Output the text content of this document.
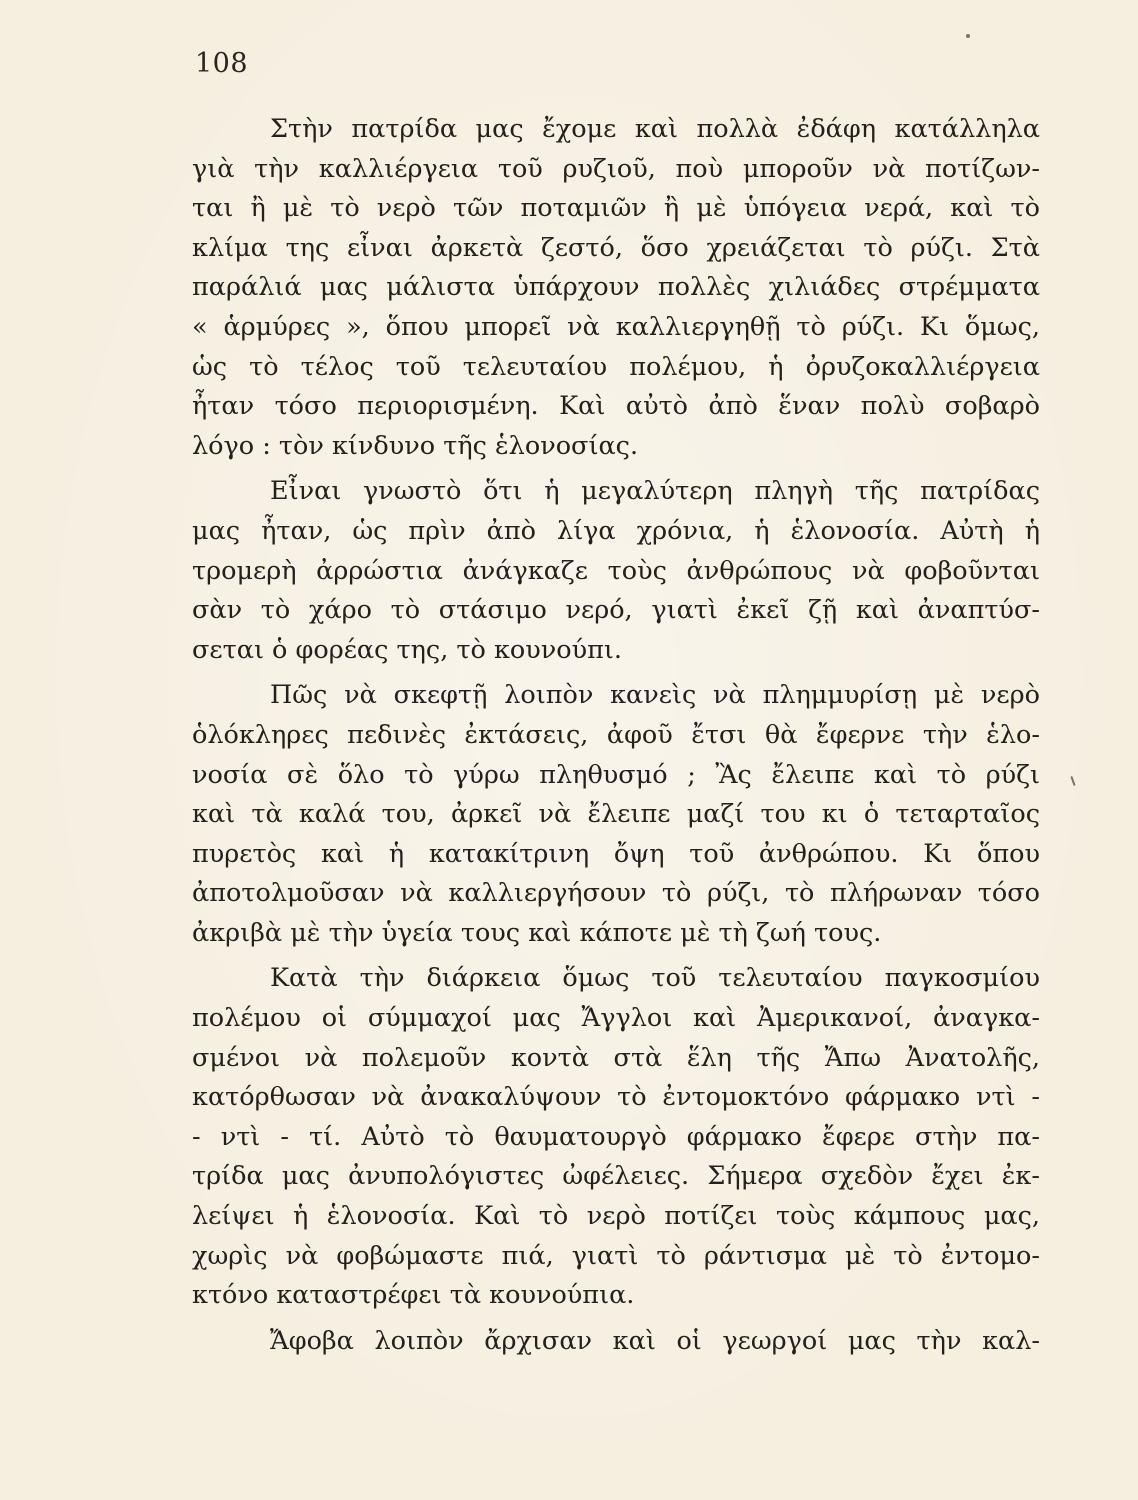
108
Στὴν πατρίδα μας ἔχομε καὶ πολλὰ ἐδάφη κατάλληλα
γιὰ τὴν καλλιέργεια τοῦ ρυζιοῦ, ποὺ μποροῦν νὰ ποτίζων-
ται ἢ μὲ τὸ νερὸ τῶν ποταμιῶν ἢ μὲ ὑπόγεια νερά, καὶ τὸ
κλίμα της εἶναι ἀρκετὰ ζεστό, ὅσο χρειάζεται τὸ ρύζι. Στὰ
παράλιά μας μάλιστα ὑπάρχουν πολλὲς χιλιάδες στρέμματα
« ἁρμύρες », ὅπου μπορεῖ νὰ καλλιεργηθῇ τὸ ρύζι. Κι ὅμως,
ὡς τὸ τέλος τοῦ τελευταίου πολέμου, ἡ ὀρυζοκαλλιέργεια
ἦταν τόσο περιορισμένη. Καὶ αὐτὸ ἀπὸ ἕναν πολὺ σοβαρὸ
λόγο : τὸν κίνδυνο τῆς ἑλονοσίας.
Εἶναι γνωστὸ ὅτι ἡ μεγαλύτερη πληγὴ τῆς πατρίδας
μας ἦταν, ὡς πρὶν ἀπὸ λίγα χρόνια, ἡ ἑλονοσία. Αὐτὴ ἡ
τρομερὴ ἀρρώστια ἀνάγκαζε τοὺς ἀνθρώπους νὰ φοβοῦνται
σὰν τὸ χάρο τὸ στάσιμο νερό, γιατὶ ἐκεῖ ζῇ καὶ ἀναπτύσ-
σεται ὁ φορέας της, τὸ κουνούπι.
Πῶς νὰ σκεφτῇ λοιπὸν κανεὶς νὰ πλημμυρίσῃ μὲ νερὸ
ὁλόκληρες πεδινὲς ἐκτάσεις, ἀφοῦ ἔτσι θὰ ἔφερνε τὴν ἑλο-
νοσία σὲ ὅλο τὸ γύρω πληθυσμό ; Ἂς ἔλειπε καὶ τὸ ρύζι
καὶ τὰ καλά του, ἀρκεῖ νὰ ἔλειπε μαζί του κι ὁ τεταρταῖος
πυρετὸς καὶ ἡ κατακίτρινη ὄψη τοῦ ἀνθρώπου. Κι ὅπου
ἀποτολμοῦσαν νὰ καλλιεργήσουν τὸ ρύζι, τὸ πλήρωναν τόσο
ἀκριβὰ μὲ τὴν ὑγεία τους καὶ κάποτε μὲ τὴ ζωή τους.
Κατὰ τὴν διάρκεια ὅμως τοῦ τελευταίου παγκοσμίου
πολέμου οἱ σύμμαχοί μας Ἄγγλοι καὶ Ἀμερικανοί, ἀναγκα-
σμένοι νὰ πολεμοῦν κοντὰ στὰ ἕλη τῆς Ἄπω Ἀνατολῆς,
κατόρθωσαν νὰ ἀνακαλύψουν τὸ ἐντομοκτόνο φάρμακο ντὶ -
- ντὶ - τί. Αὐτὸ τὸ θαυματουργὸ φάρμακο ἔφερε στὴν πα-
τρίδα μας ἀνυπολόγιστες ὠφέλειες. Σήμερα σχεδὸν ἔχει ἐκ-
λείψει ἡ ἑλονοσία. Καὶ τὸ νερὸ ποτίζει τοὺς κάμπους μας,
χωρὶς νὰ φοβώμαστε πιά, γιατὶ τὸ ράντισμα μὲ τὸ ἐντομο-
κτόνο καταστρέφει τὰ κουνούπια.
Ἄφοβα λοιπὸν ἄρχισαν καὶ οἱ γεωργοί μας τὴν καλ-
